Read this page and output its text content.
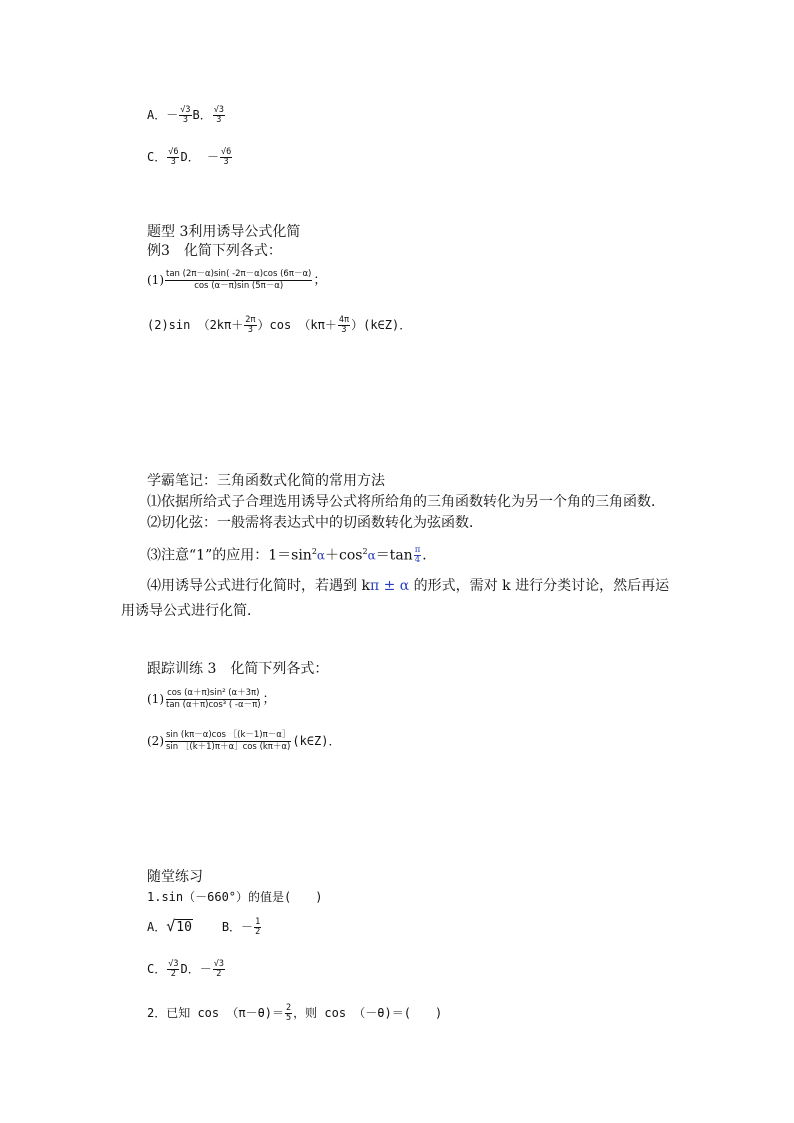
A．－ $\frac{√3}{3}$ B． $\frac{√3}{3}$
C． $\frac{√6}{3}$ D． － $\frac{√6}{3}$
题型 3利用诱导公式化简
例3　化简下列各式：
$(1) \frac{\tan (2\pi-\alpha)\sin( -2\pi-\alpha)\cos (6\pi-\alpha)}{\cos (\alpha-\pi)\sin (5\pi-\alpha)}$ ；
(2)sin $(2k\pi+ \frac{2\pi}{3} )\cos$ （$k\pi+ \frac{4\pi}{3}$ ）(k∈Z)．
学霸笔记：三角函数式化简的常用方法
⑴依据所给式子合理选用诱导公式将所给角的三角函数转化为另一个角的三角函数．
⑵切化弦：一般需将表达式中的切函数转化为弦函数．
⑶注意“1”的应用：$1=\sin^2\alpha+\cos^2\alpha=\tan \frac{\pi}{4}$ ．
⑷用诱导公式进行化简时，若遇到 kπ ± α 的形式，需对 k 进行分类讨论，然后再运
用诱导公式进行化简．
跟踪训练 3　化简下列各式：
$(1) \frac{\text{cos (α＋π)sin² (α＋3π)}}{\text{tan (α＋π)cos³ ( -α－π)}}$ ；
$(2) \frac{\sin (k\pi-\alpha)\cos [(k-1)\pi-\alpha]}{\sin [(k+1)\pi+\alpha]\cos (k\pi+\alpha)}$ (k∈Z)．
随堂练习
1.sin（－660°）的值是(　　)
A．√10 B．－ $\frac{1}{2}$
C． $\frac{√3}{2}$ D．－ $\frac{√3}{2}$
2．已知 $\cos (\pi-\theta)= \frac{2}{5}$ ，则 cos （－θ)＝(　　)
